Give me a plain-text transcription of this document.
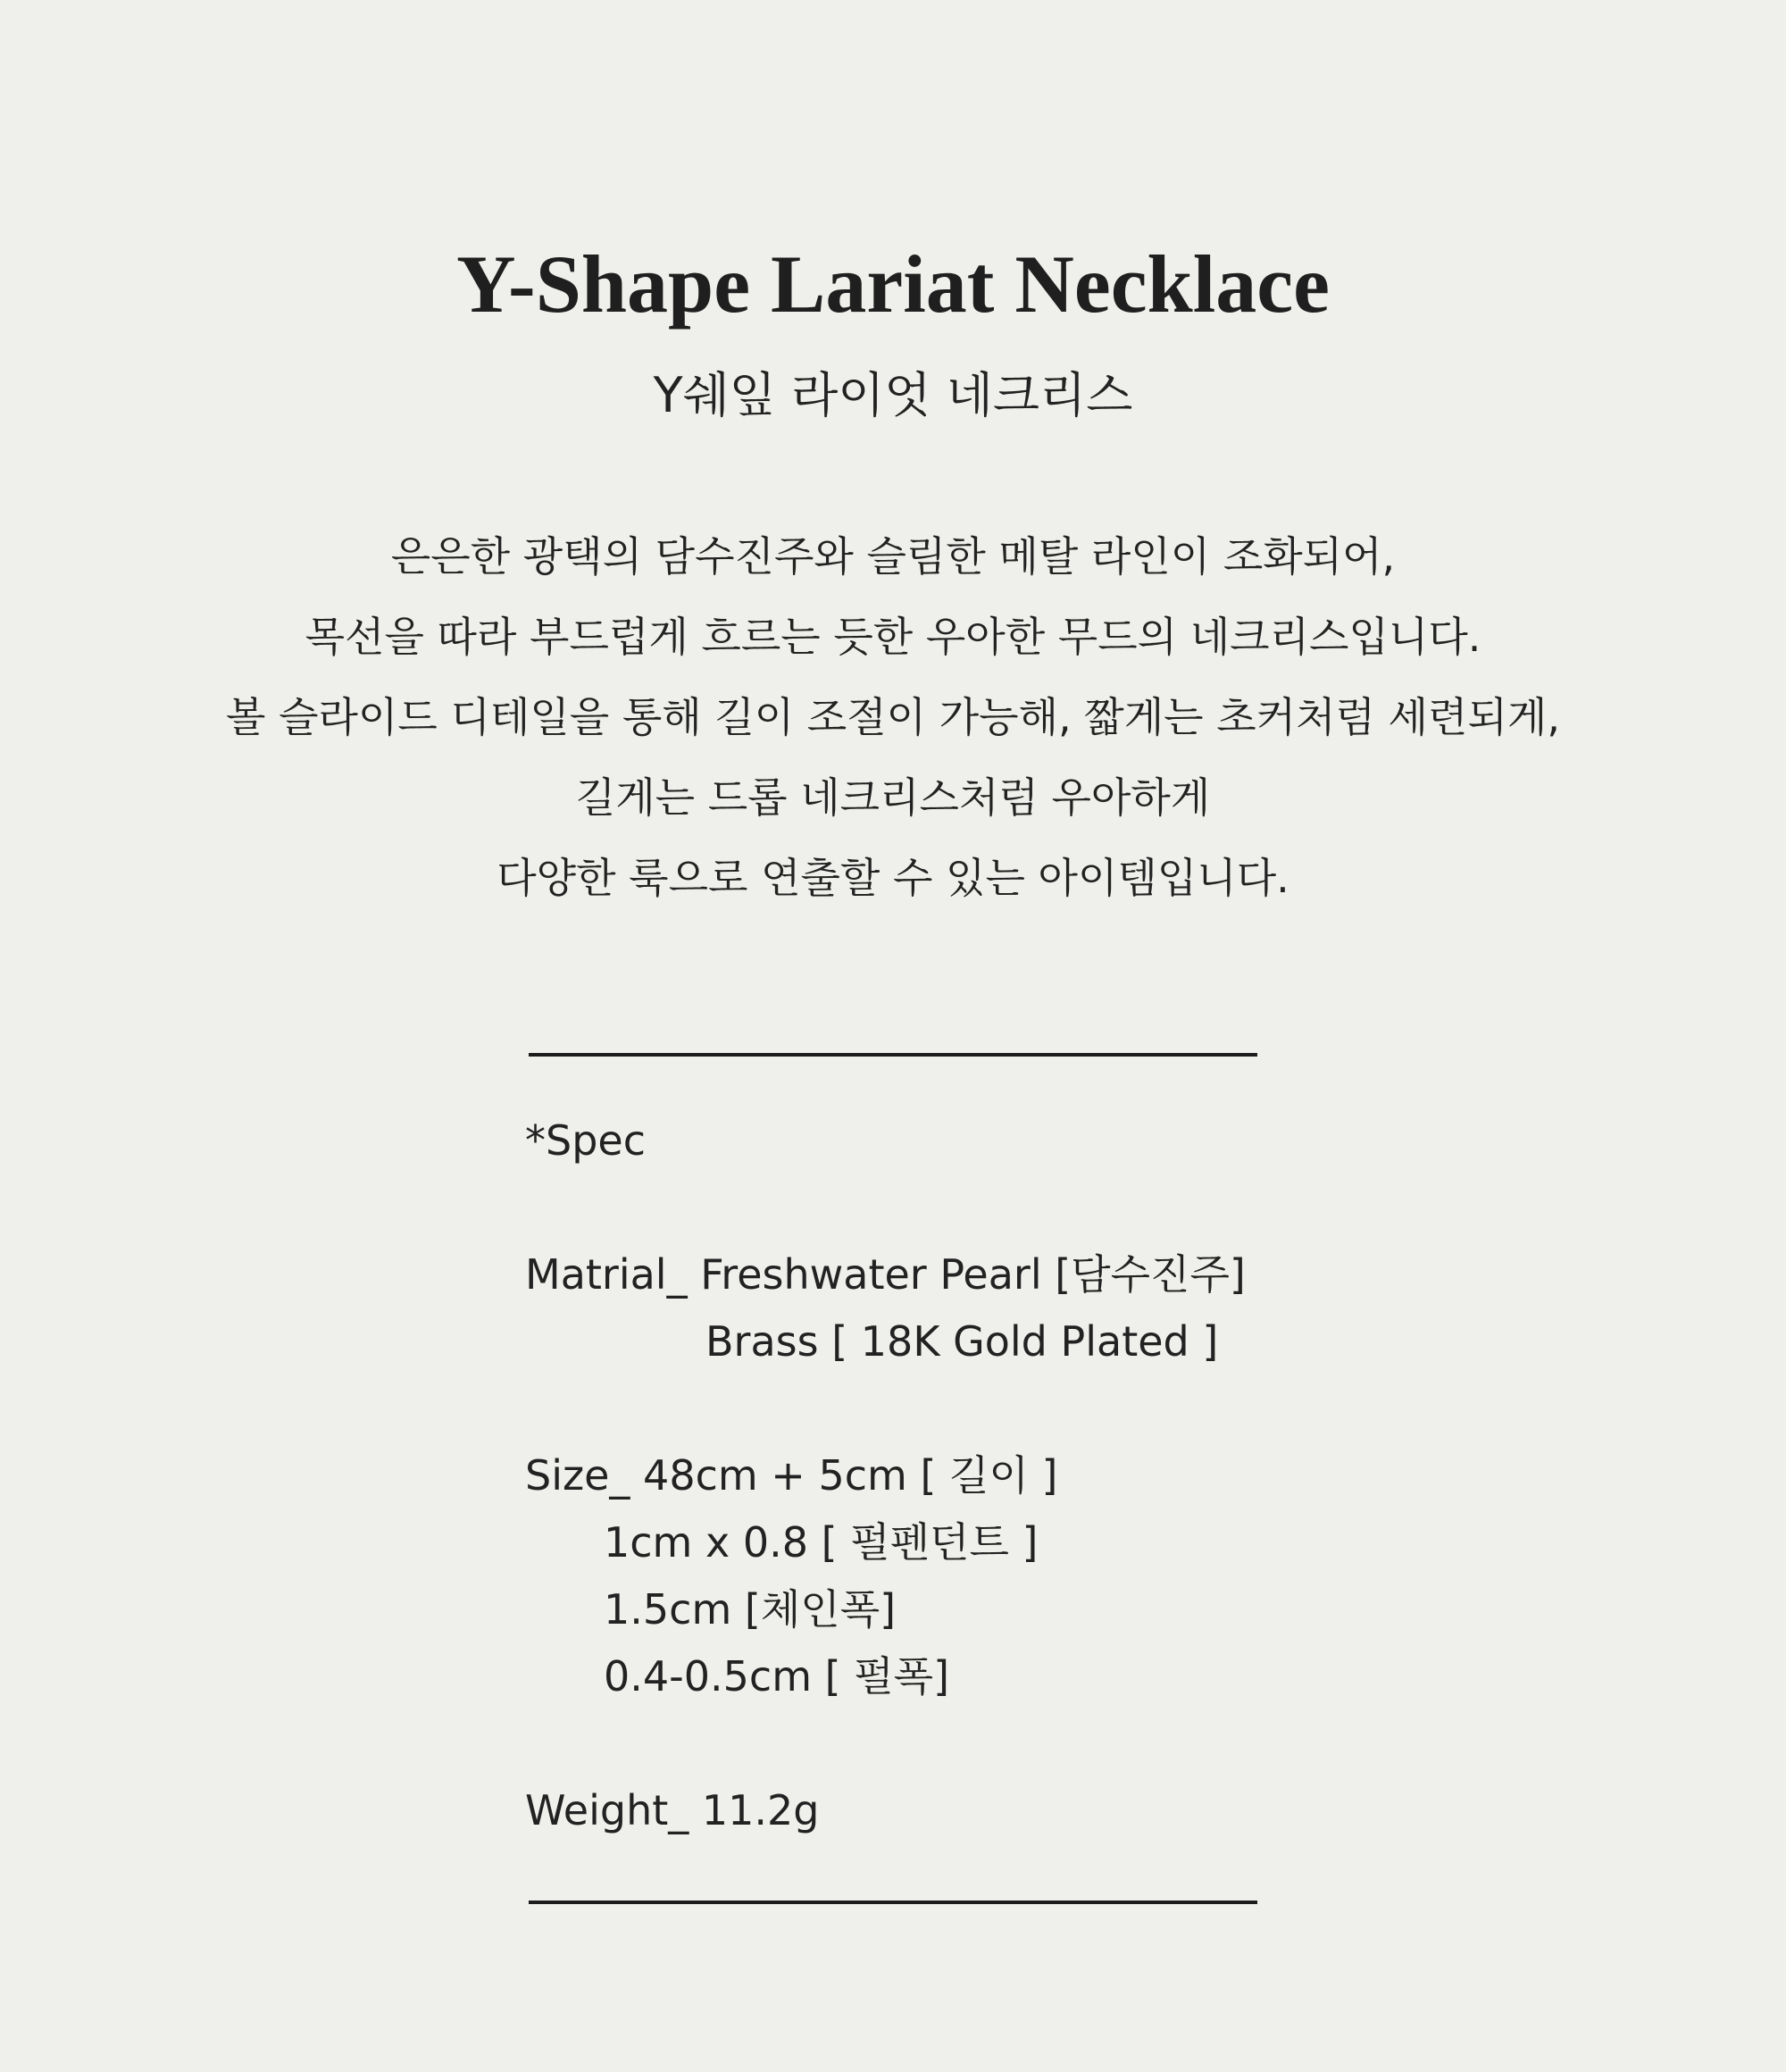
Y-Shape Lariat Necklace

Y쉐잎 라이엇 네크리스

은은한 광택의 담수진주와 슬림한 메탈 라인이 조화되어,
목선을 따라 부드럽게 흐르는 듯한 우아한 무드의 네크리스입니다.
볼 슬라이드 디테일을 통해 길이 조절이 가능해, 짧게는 초커처럼 세련되게,
길게는 드롭 네크리스처럼 우아하게
다양한 룩으로 연출할 수 있는 아이템입니다.
*Spec
Matrial_ Freshwater Pearl [담수진주]
Brass [ 18K Gold Plated ]
Size_ 48cm + 5cm [ 길이 ]
1cm x 0.8 [ 펄펜던트 ]
1.5cm [체인폭]
0.4-0.5cm [ 펄폭]
Weight_ 11.2g
